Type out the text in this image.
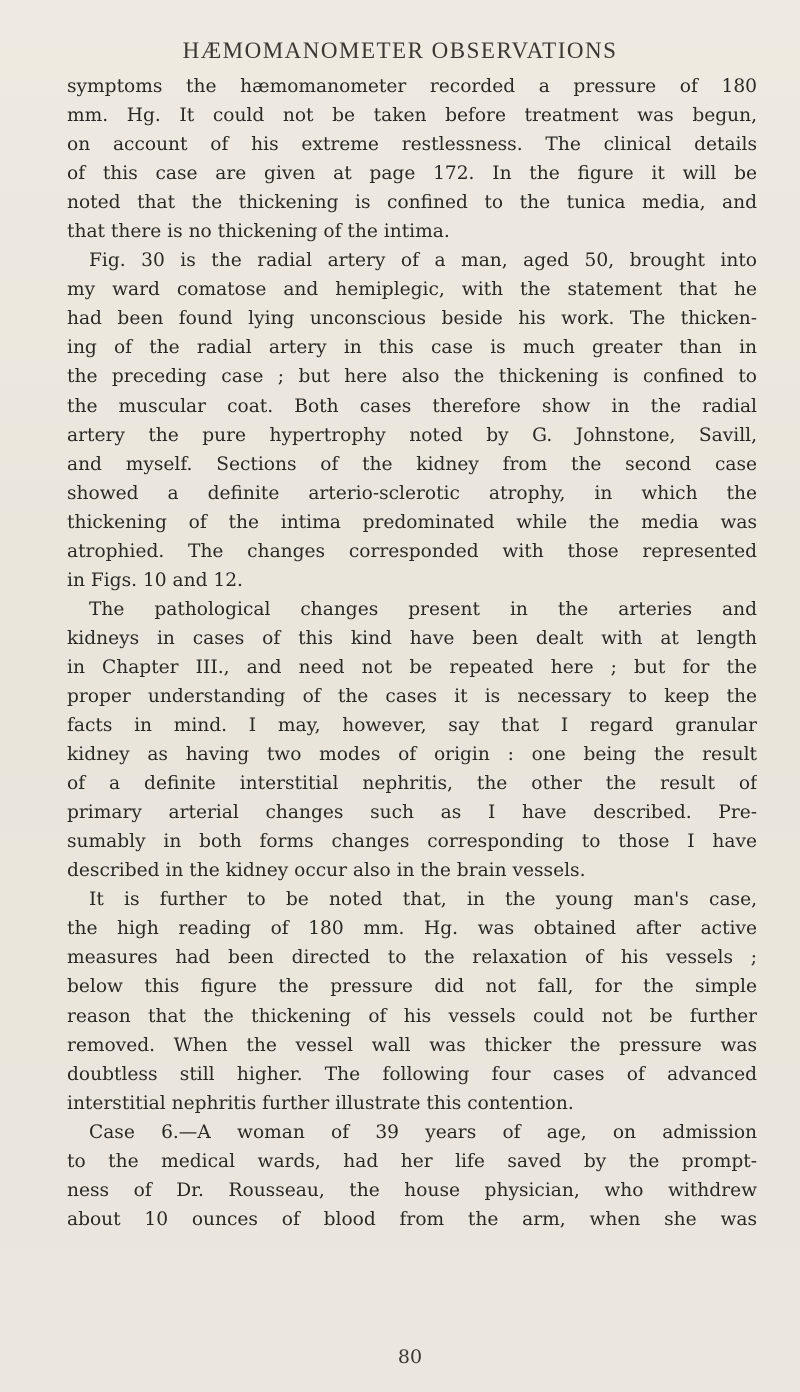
HÆMOMANOMETER OBSERVATIONS
symptoms the hæmomanometer recorded a pressure of 180
mm. Hg. It could not be taken before treatment was begun,
on account of his extreme restlessness. The clinical details
of this case are given at page 172. In the figure it will be
noted that the thickening is confined to the tunica media, and
that there is no thickening of the intima.
Fig. 30 is the radial artery of a man, aged 50, brought into
my ward comatose and hemiplegic, with the statement that he
had been found lying unconscious beside his work. The thicken-
ing of the radial artery in this case is much greater than in
the preceding case ; but here also the thickening is confined to
the muscular coat. Both cases therefore show in the radial
artery the pure hypertrophy noted by G. Johnstone, Savill,
and myself. Sections of the kidney from the second case
showed a definite arterio-sclerotic atrophy, in which the
thickening of the intima predominated while the media was
atrophied. The changes corresponded with those represented
in Figs. 10 and 12.
The pathological changes present in the arteries and
kidneys in cases of this kind have been dealt with at length
in Chapter III., and need not be repeated here ; but for the
proper understanding of the cases it is necessary to keep the
facts in mind. I may, however, say that I regard granular
kidney as having two modes of origin : one being the result
of a definite interstitial nephritis, the other the result of
primary arterial changes such as I have described. Pre-
sumably in both forms changes corresponding to those I have
described in the kidney occur also in the brain vessels.
It is further to be noted that, in the young man's case,
the high reading of 180 mm. Hg. was obtained after active
measures had been directed to the relaxation of his vessels ;
below this figure the pressure did not fall, for the simple
reason that the thickening of his vessels could not be further
removed. When the vessel wall was thicker the pressure was
doubtless still higher. The following four cases of advanced
interstitial nephritis further illustrate this contention.
Case 6.—A woman of 39 years of age, on admission
to the medical wards, had her life saved by the prompt-
ness of Dr. Rousseau, the house physician, who withdrew
about 10 ounces of blood from the arm, when she was
80
